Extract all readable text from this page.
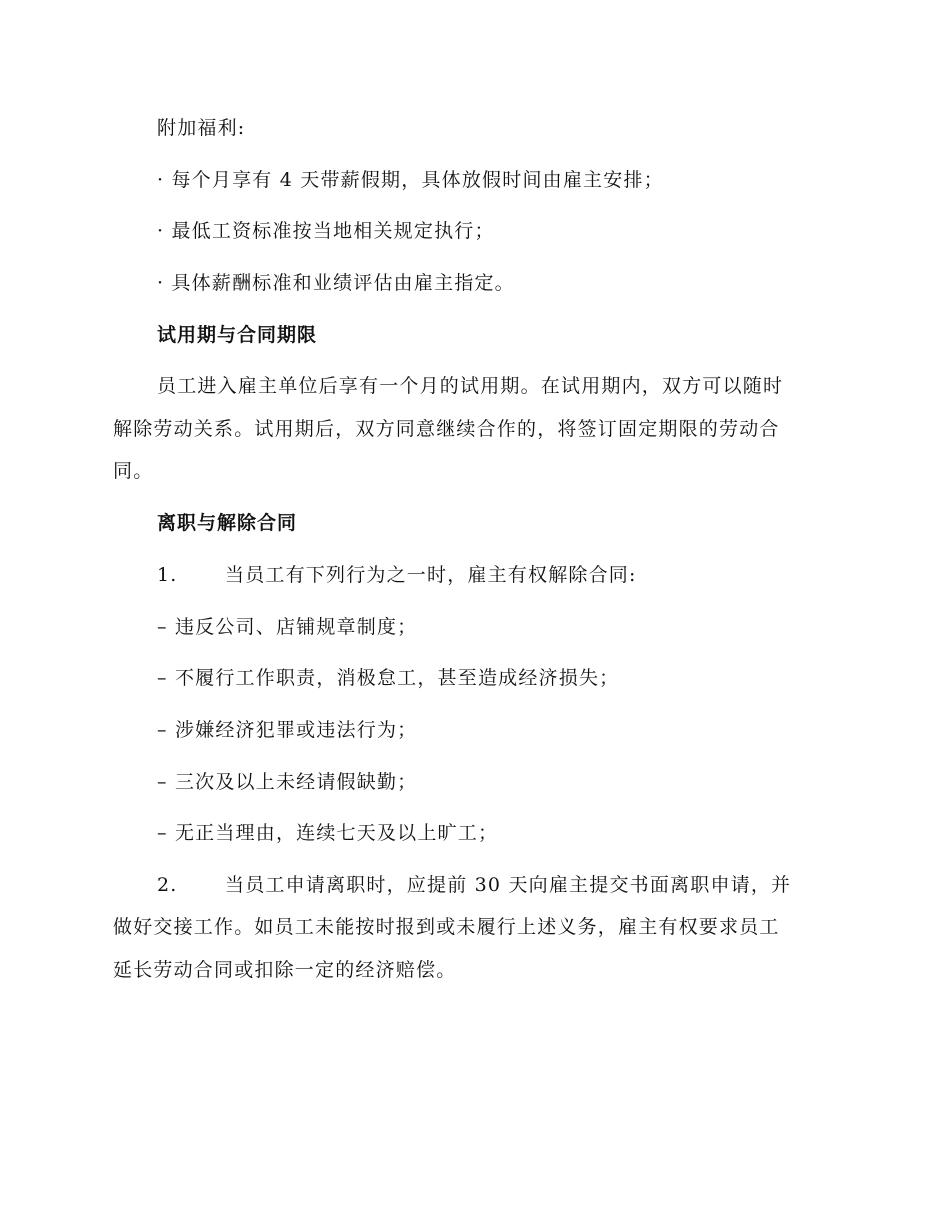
附加福利:
· 每个月享有 4 天带薪假期，具体放假时间由雇主安排；
· 最低工资标准按当地相关规定执行；
· 具体薪酬标准和业绩评估由雇主指定。
试用期与合同期限
员工进入雇主单位后享有一个月的试用期。在试用期内，双方可以随时
解除劳动关系。试用期后，双方同意继续合作的，将签订固定期限的劳动合
同。
离职与解除合同
1. 当员工有下列行为之一时，雇主有权解除合同:
– 违反公司、店铺规章制度；
– 不履行工作职责，消极怠工，甚至造成经济损失；
– 涉嫌经济犯罪或违法行为；
– 三次及以上未经请假缺勤；
– 无正当理由，连续七天及以上旷工；
2. 当员工申请离职时，应提前 30 天向雇主提交书面离职申请，并
做好交接工作。如员工未能按时报到或未履行上述义务，雇主有权要求员工
延长劳动合同或扣除一定的经济赔偿。
